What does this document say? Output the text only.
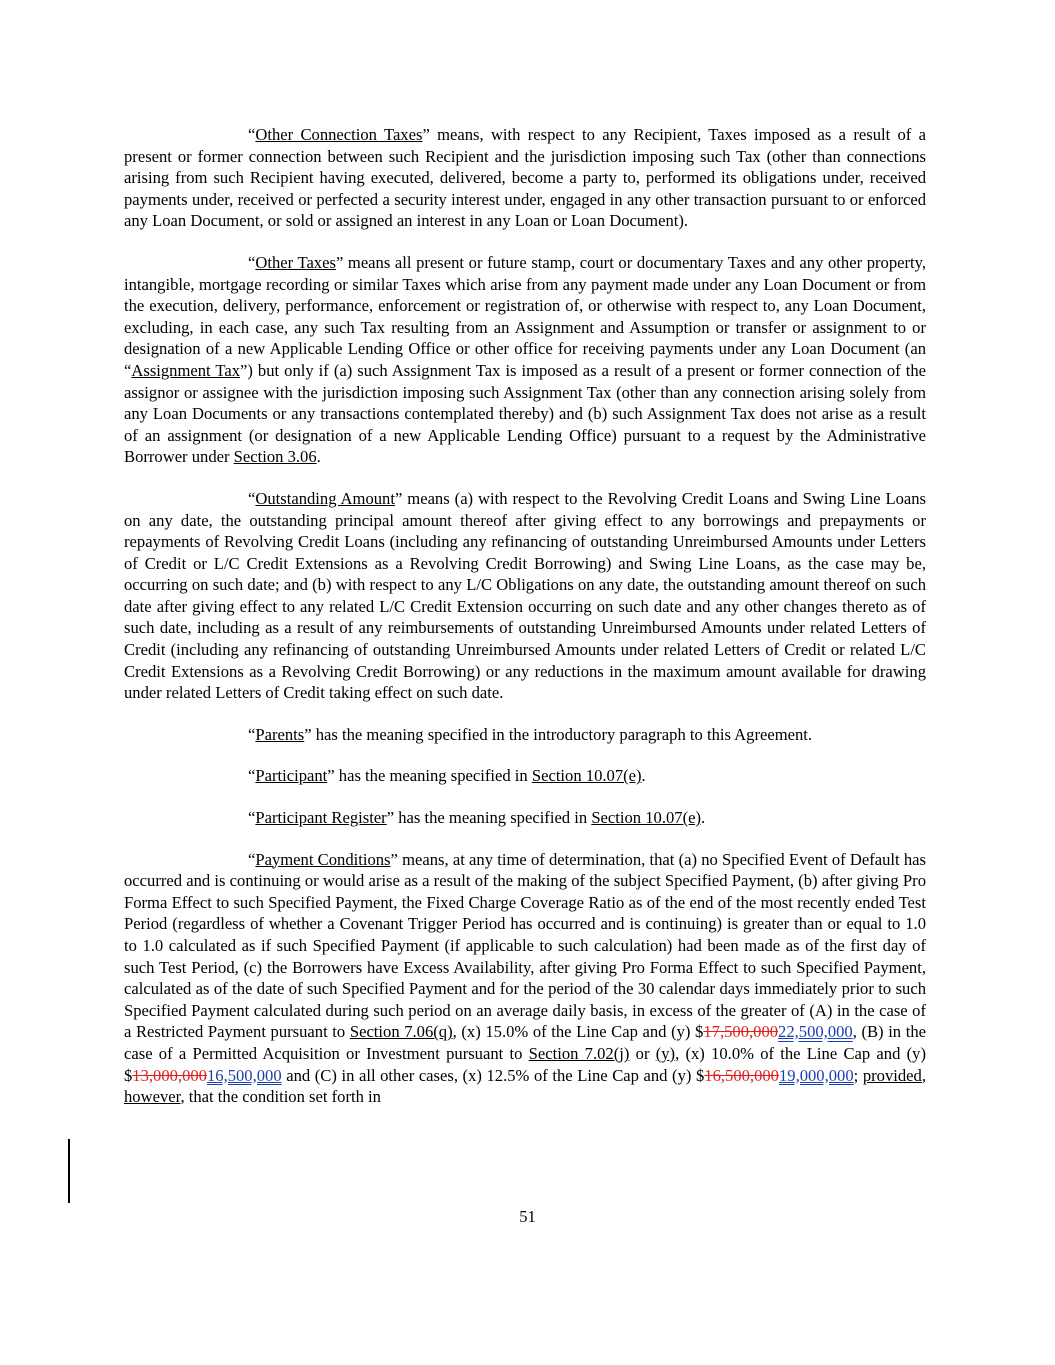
“Other Connection Taxes” means, with respect to any Recipient, Taxes imposed as a result of a present or former connection between such Recipient and the jurisdiction imposing such Tax (other than connections arising from such Recipient having executed, delivered, become a party to, performed its obligations under, received payments under, received or perfected a security interest under, engaged in any other transaction pursuant to or enforced any Loan Document, or sold or assigned an interest in any Loan or Loan Document).

“Other Taxes” means all present or future stamp, court or documentary Taxes and any other property, intangible, mortgage recording or similar Taxes which arise from any payment made under any Loan Document or from the execution, delivery, performance, enforcement or registration of, or otherwise with respect to, any Loan Document, excluding, in each case, any such Tax resulting from an Assignment and Assumption or transfer or assignment to or designation of a new Applicable Lending Office or other office for receiving payments under any Loan Document (an “Assignment Tax”) but only if (a) such Assignment Tax is imposed as a result of a present or former connection of the assignor or assignee with the jurisdiction imposing such Assignment Tax (other than any connection arising solely from any Loan Documents or any transactions contemplated thereby) and (b) such Assignment Tax does not arise as a result of an assignment (or designation of a new Applicable Lending Office) pursuant to a request by the Administrative Borrower under Section 3.06.

“Outstanding Amount” means (a) with respect to the Revolving Credit Loans and Swing Line Loans on any date, the outstanding principal amount thereof after giving effect to any borrowings and prepayments or repayments of Revolving Credit Loans (including any refinancing of outstanding Unreimbursed Amounts under Letters of Credit or L/C Credit Extensions as a Revolving Credit Borrowing) and Swing Line Loans, as the case may be, occurring on such date; and (b) with respect to any L/C Obligations on any date, the outstanding amount thereof on such date after giving effect to any related L/C Credit Extension occurring on such date and any other changes thereto as of such date, including as a result of any reimbursements of outstanding Unreimbursed Amounts under related Letters of Credit (including any refinancing of outstanding Unreimbursed Amounts under related Letters of Credit or related L/C Credit Extensions as a Revolving Credit Borrowing) or any reductions in the maximum amount available for drawing under related Letters of Credit taking effect on such date.

“Parents” has the meaning specified in the introductory paragraph to this Agreement.

“Participant” has the meaning specified in Section 10.07(e).

“Participant Register” has the meaning specified in Section 10.07(e).

“Payment Conditions” means, at any time of determination, that (a) no Specified Event of Default has occurred and is continuing or would arise as a result of the making of the subject Specified Payment, (b) after giving Pro Forma Effect to such Specified Payment, the Fixed Charge Coverage Ratio as of the end of the most recently ended Test Period (regardless of whether a Covenant Trigger Period has occurred and is continuing) is greater than or equal to 1.0 to 1.0 calculated as if such Specified Payment (if applicable to such calculation) had been made as of the first day of such Test Period, (c) the Borrowers have Excess Availability, after giving Pro Forma Effect to such Specified Payment, calculated as of the date of such Specified Payment and for the period of the 30 calendar days immediately prior to such Specified Payment calculated during such period on an average daily basis, in excess of the greater of (A) in the case of a Restricted Payment pursuant to Section 7.06(q), (x) 15.0% of the Line Cap and (y) $17,500,00022,500,000, (B) in the case of a Permitted Acquisition or Investment pursuant to Section 7.02(j) or (y), (x) 10.0% of the Line Cap and (y) $13,000,00016,500,000 and (C) in all other cases, (x) 12.5% of the Line Cap and (y) $16,500,00019,000,000; provided, however, that the condition set forth in

51
